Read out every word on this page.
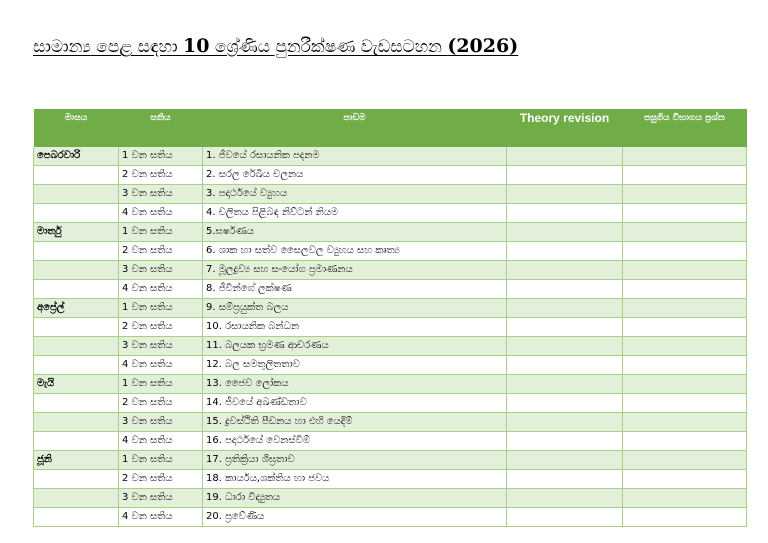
සාමාන්‍ය පෙළ සඳහා 10 ශ්‍රේණිය පුනරීක්ෂණ වැඩසටහන (2026)
මාසය	සතිය	පාඩම	Theory revision	පසුගිය විභාගය ප්‍රශ්න

පෙබරවාරි	1 වන සතිය	1. ජීවයේ රසායනික පදනම		
	2 වන සතිය	2. සරල රේඛීය චලනය		
	3 වන සතිය	3. පදාර්ථයේ ව්‍යුහය		
	4 වන සතිය	4. චලිතය පිළිබඳ නිව්ටන් නියම		
මාර්තු	1 වන සතිය	5.ඝර්ෂණය		
	2 වන සතිය	6. ශාක හා සත්ව සෛලවල ව්‍යුහය සහ කෘත්‍ය		
	3 වන සතිය	7. මූලද්‍රව්‍ය සහ සංයෝග ප්‍රමාණනය		
	4 වන සතිය	8. ජීවීන්ගේ ලක්ෂණ		
අප්‍රේල්	1 වන සතිය	9. සම්ප්‍රයුක්ත බලය		
	2 වන සතිය	10. රසායනික බන්ධන		
	3 වන සතිය	11. බලයක භ්‍රමණ ආචරණය		
	4 වන සතිය	12. බල සමතුලිතතාව		
මැයි	1 වන සතිය	13. ජෛව ලෝකය		
	2 වන සතිය	14. ජීවයේ අඛණ්ඩතාව		
	3 වන සතිය	15. ද්‍රවස්ථිති පීඩනය හා එහි යෙදීම්		
	4 වන සතිය	16. පදාර්ථයේ වෙනස්වීම්		
ජූනි	1 වන සතිය	17. ප්‍රතික්‍රියා ශීඝ්‍රතාව		
	2 වන සතිය	18. කාර්යය,ශක්තිය හා ජවය		
	3 වන සතිය	19. ධාරා විද්‍යුතය		
	4 වන සතිය	20. ප්‍රවේණිය		
